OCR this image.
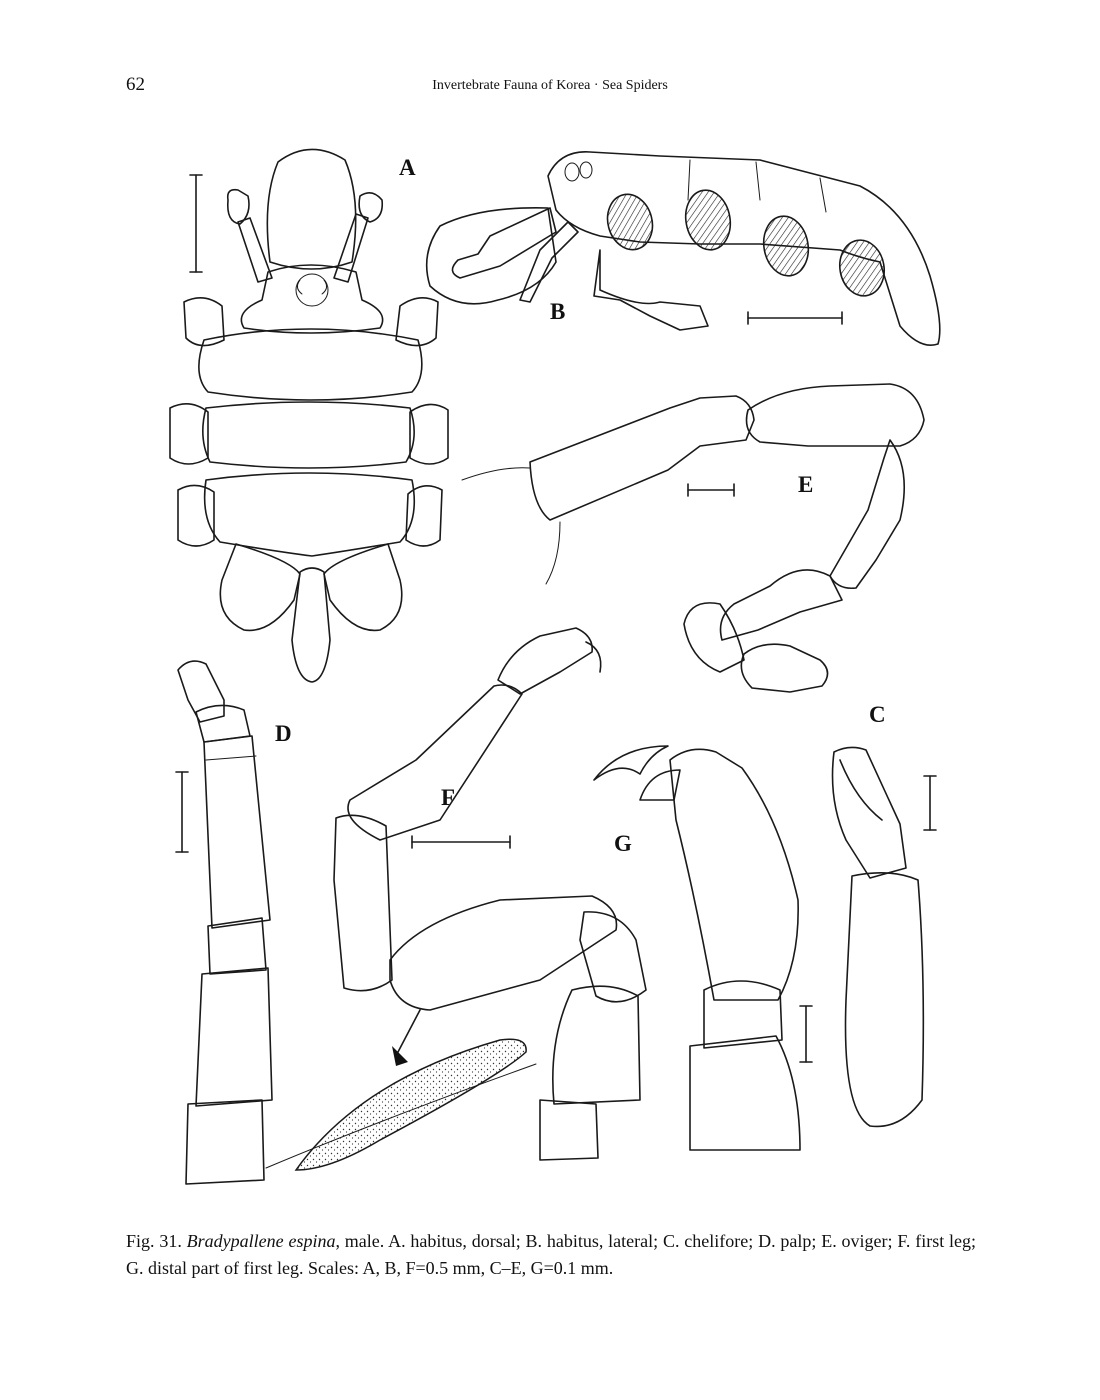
62	Invertebrate Fauna of Korea · Sea Spiders
A
B
E
C
D
F
G
Fig. 31. Bradypallene espina, male. A. habitus, dorsal; B. habitus, lateral; C. chelifore; D. palp; E. oviger; F. first leg; G. distal part of first leg. Scales: A, B, F=0.5 mm, C–E, G=0.1 mm.
